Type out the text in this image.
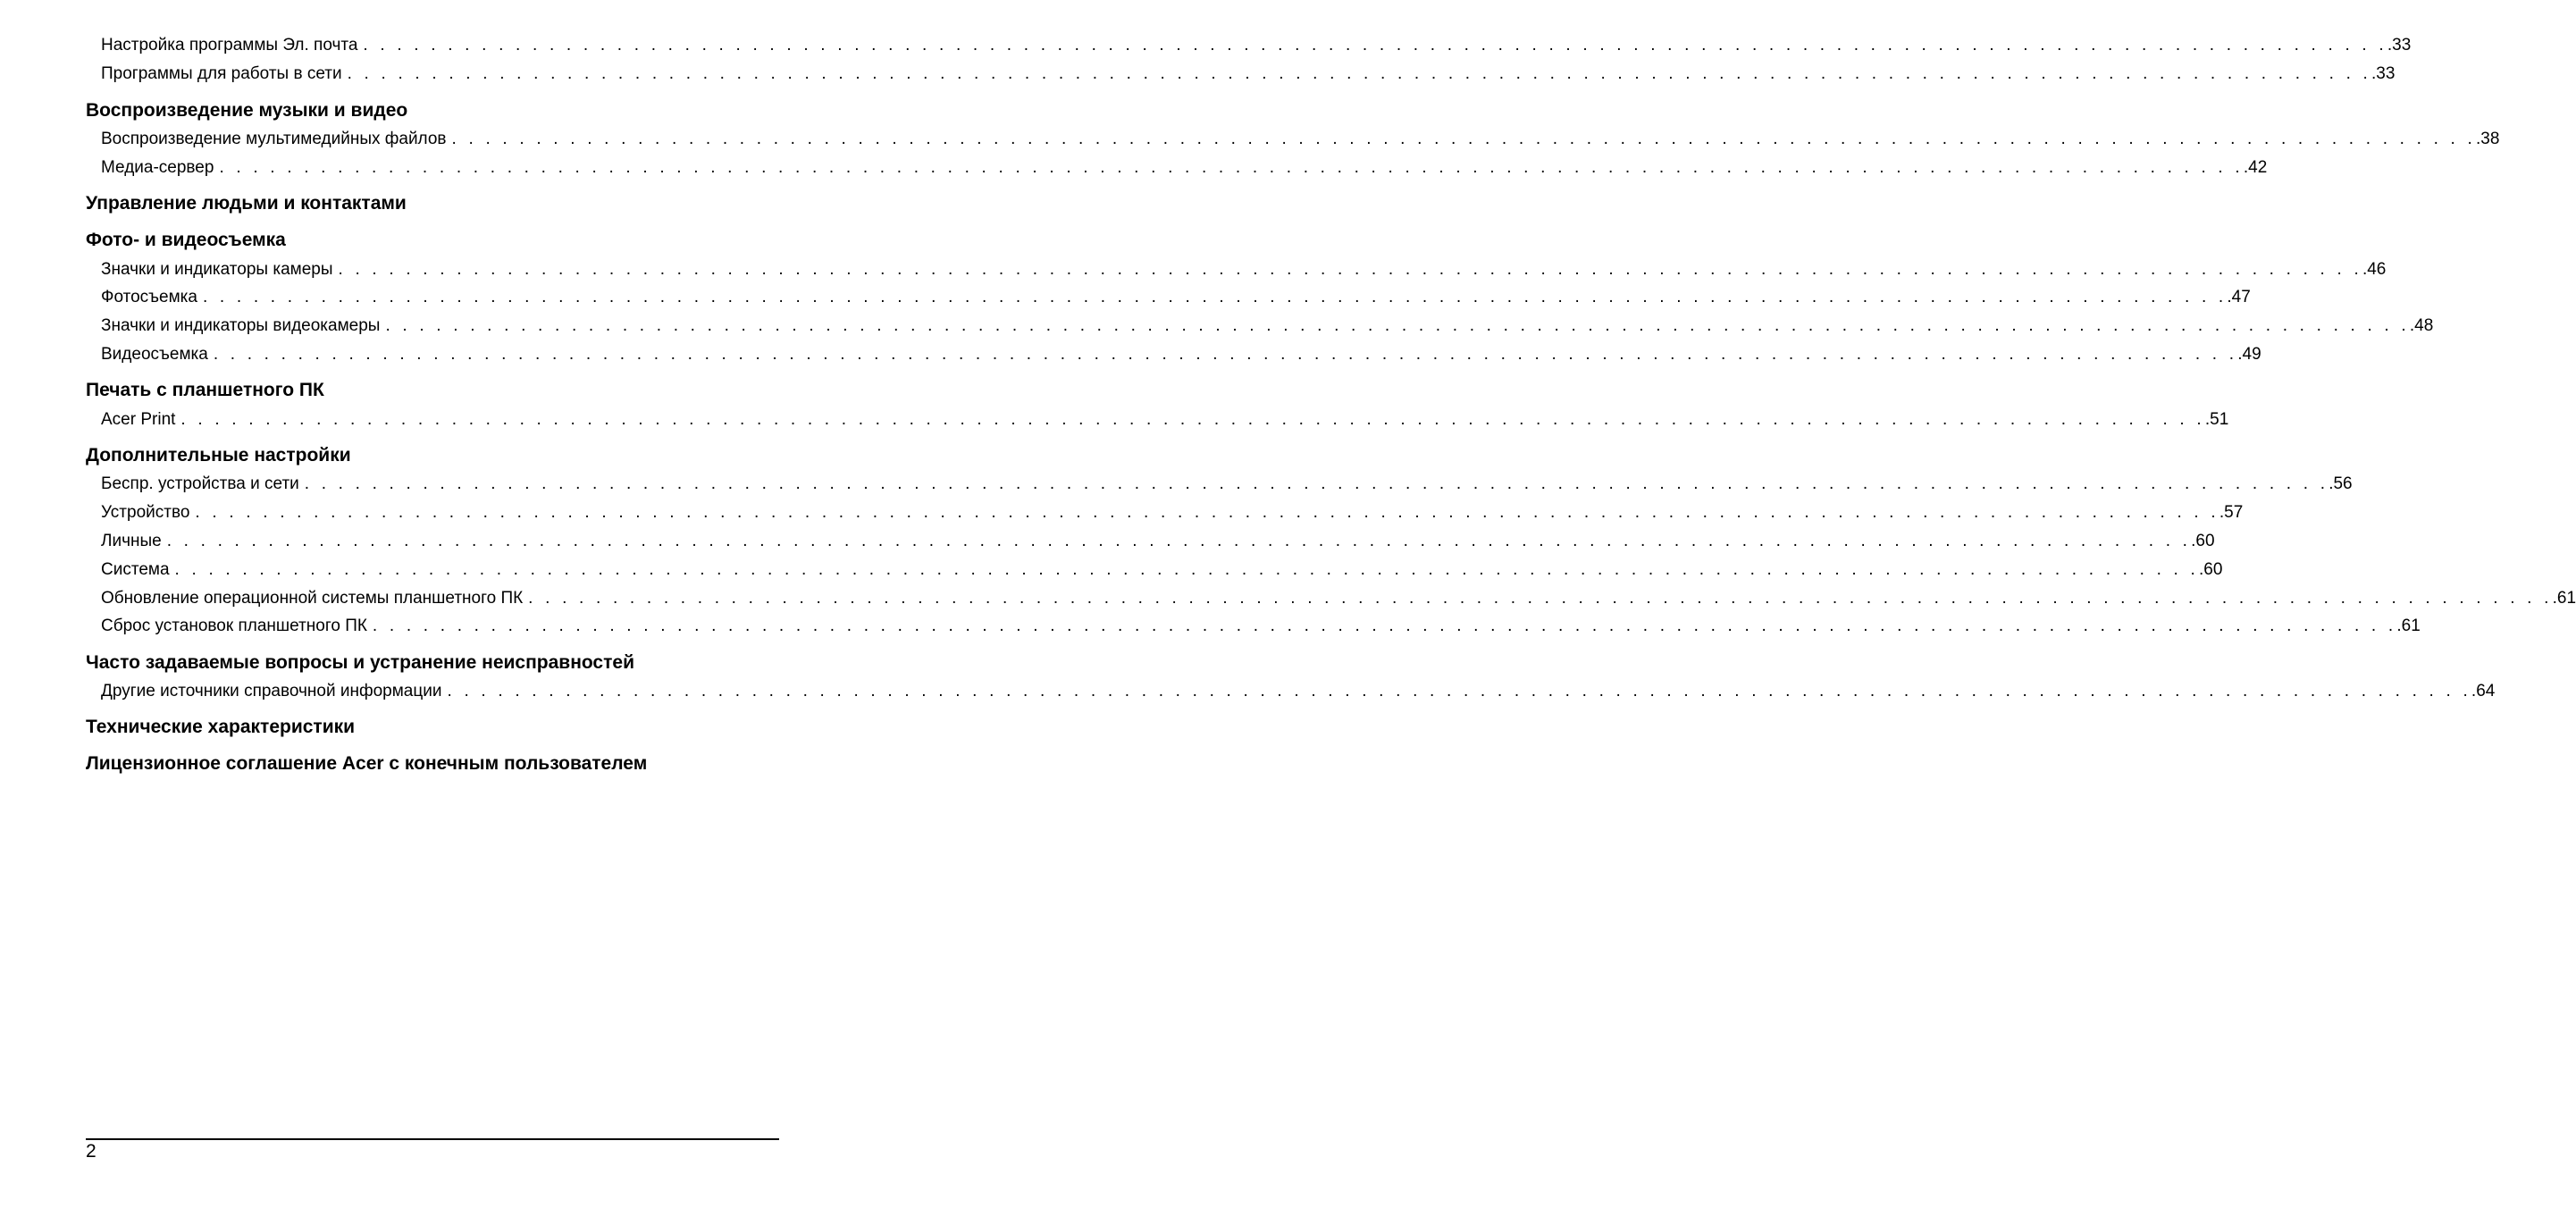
Настройка программы Эл. почта . . . . . . . . . . . . . . . . . . . . . . . . . . . . . . . . . . . . . . . . . . . . . . . . . . . . . . . . . . . . . . . . . . . . . . . . . . . . . . . . . . . . . . . . . . . . . . . . . . . . . . . . . . . . . . . . . . . . . . . . .33
Программы для работы в сети . . . . . . . . . . . . . . . . . . . . . . . . . . . . . . . . . . . . . . . . . . . . . . . . . . . . . . . . . . . . . . . . . . . . . . . . . . . . . . . . . . . . . . . . . . . . . . . . . . . . . . . . . . . . . . . . . . . . . . . . .33
Воспроизведение музыки и видео
Воспроизведение мультимедийных файлов . . . . . . . . . . . . . . . . . . . . . . . . . . . . . . . . . . . . . . . . . . . . . . . . . . . . . . . . . . . . . . . . . . . . . . . . . . . . . . . . . . . . . . . . . . . . . . . . . . . . . . . . . . . . . . . . . . . . . . . . .38
Медиа-сервер . . . . . . . . . . . . . . . . . . . . . . . . . . . . . . . . . . . . . . . . . . . . . . . . . . . . . . . . . . . . . . . . . . . . . . . . . . . . . . . . . . . . . . . . . . . . . . . . . . . . . . . . . . . . . . . . . . . . . . . . .42
Управление людьми и контактами
Фото- и видеосъемка
Значки и индикаторы камеры . . . . . . . . . . . . . . . . . . . . . . . . . . . . . . . . . . . . . . . . . . . . . . . . . . . . . . . . . . . . . . . . . . . . . . . . . . . . . . . . . . . . . . . . . . . . . . . . . . . . . . . . . . . . . . . . . . . . . . . . .46
Фотосъемка . . . . . . . . . . . . . . . . . . . . . . . . . . . . . . . . . . . . . . . . . . . . . . . . . . . . . . . . . . . . . . . . . . . . . . . . . . . . . . . . . . . . . . . . . . . . . . . . . . . . . . . . . . . . . . . . . . . . . . . . .47
Значки и индикаторы видеокамеры . . . . . . . . . . . . . . . . . . . . . . . . . . . . . . . . . . . . . . . . . . . . . . . . . . . . . . . . . . . . . . . . . . . . . . . . . . . . . . . . . . . . . . . . . . . . . . . . . . . . . . . . . . . . . . . . . . . . . . . . .48
Видеосъемка . . . . . . . . . . . . . . . . . . . . . . . . . . . . . . . . . . . . . . . . . . . . . . . . . . . . . . . . . . . . . . . . . . . . . . . . . . . . . . . . . . . . . . . . . . . . . . . . . . . . . . . . . . . . . . . . . . . . . . . . .49
Печать с планшетного ПК
Acer Print . . . . . . . . . . . . . . . . . . . . . . . . . . . . . . . . . . . . . . . . . . . . . . . . . . . . . . . . . . . . . . . . . . . . . . . . . . . . . . . . . . . . . . . . . . . . . . . . . . . . . . . . . . . . . . . . . . . . . . . . .51
Дополнительные настройки
Беспр. устройства и сети . . . . . . . . . . . . . . . . . . . . . . . . . . . . . . . . . . . . . . . . . . . . . . . . . . . . . . . . . . . . . . . . . . . . . . . . . . . . . . . . . . . . . . . . . . . . . . . . . . . . . . . . . . . . . . . . . . . . . . . . .56
Устройство . . . . . . . . . . . . . . . . . . . . . . . . . . . . . . . . . . . . . . . . . . . . . . . . . . . . . . . . . . . . . . . . . . . . . . . . . . . . . . . . . . . . . . . . . . . . . . . . . . . . . . . . . . . . . . . . . . . . . . . . .57
Личные . . . . . . . . . . . . . . . . . . . . . . . . . . . . . . . . . . . . . . . . . . . . . . . . . . . . . . . . . . . . . . . . . . . . . . . . . . . . . . . . . . . . . . . . . . . . . . . . . . . . . . . . . . . . . . . . . . . . . . . . .60
Система . . . . . . . . . . . . . . . . . . . . . . . . . . . . . . . . . . . . . . . . . . . . . . . . . . . . . . . . . . . . . . . . . . . . . . . . . . . . . . . . . . . . . . . . . . . . . . . . . . . . . . . . . . . . . . . . . . . . . . . . .60
Обновление операционной системы планшетного ПК . . . . . . . . . . . . . . . . . . . . . . . . . . . . . . . . . . . . . . . . . . . . . . . . . . . . . . . . . . . . . . . . . . . . . . . . . . . . . . . . . . . . . . . . . . . . . . . . . . . . . . . . . . . . . . . . . . . . . . . . .61
Сброс установок планшетного ПК . . . . . . . . . . . . . . . . . . . . . . . . . . . . . . . . . . . . . . . . . . . . . . . . . . . . . . . . . . . . . . . . . . . . . . . . . . . . . . . . . . . . . . . . . . . . . . . . . . . . . . . . . . . . . . . . . . . . . . . . .61
Часто задаваемые вопросы и устранение неисправностей
Другие источники справочной информации . . . . . . . . . . . . . . . . . . . . . . . . . . . . . . . . . . . . . . . . . . . . . . . . . . . . . . . . . . . . . . . . . . . . . . . . . . . . . . . . . . . . . . . . . . . . . . . . . . . . . . . . . . . . . . . . . . . . . . . . .64
Технические характеристики
Лицензионное соглашение Acer с конечным пользователем
2
